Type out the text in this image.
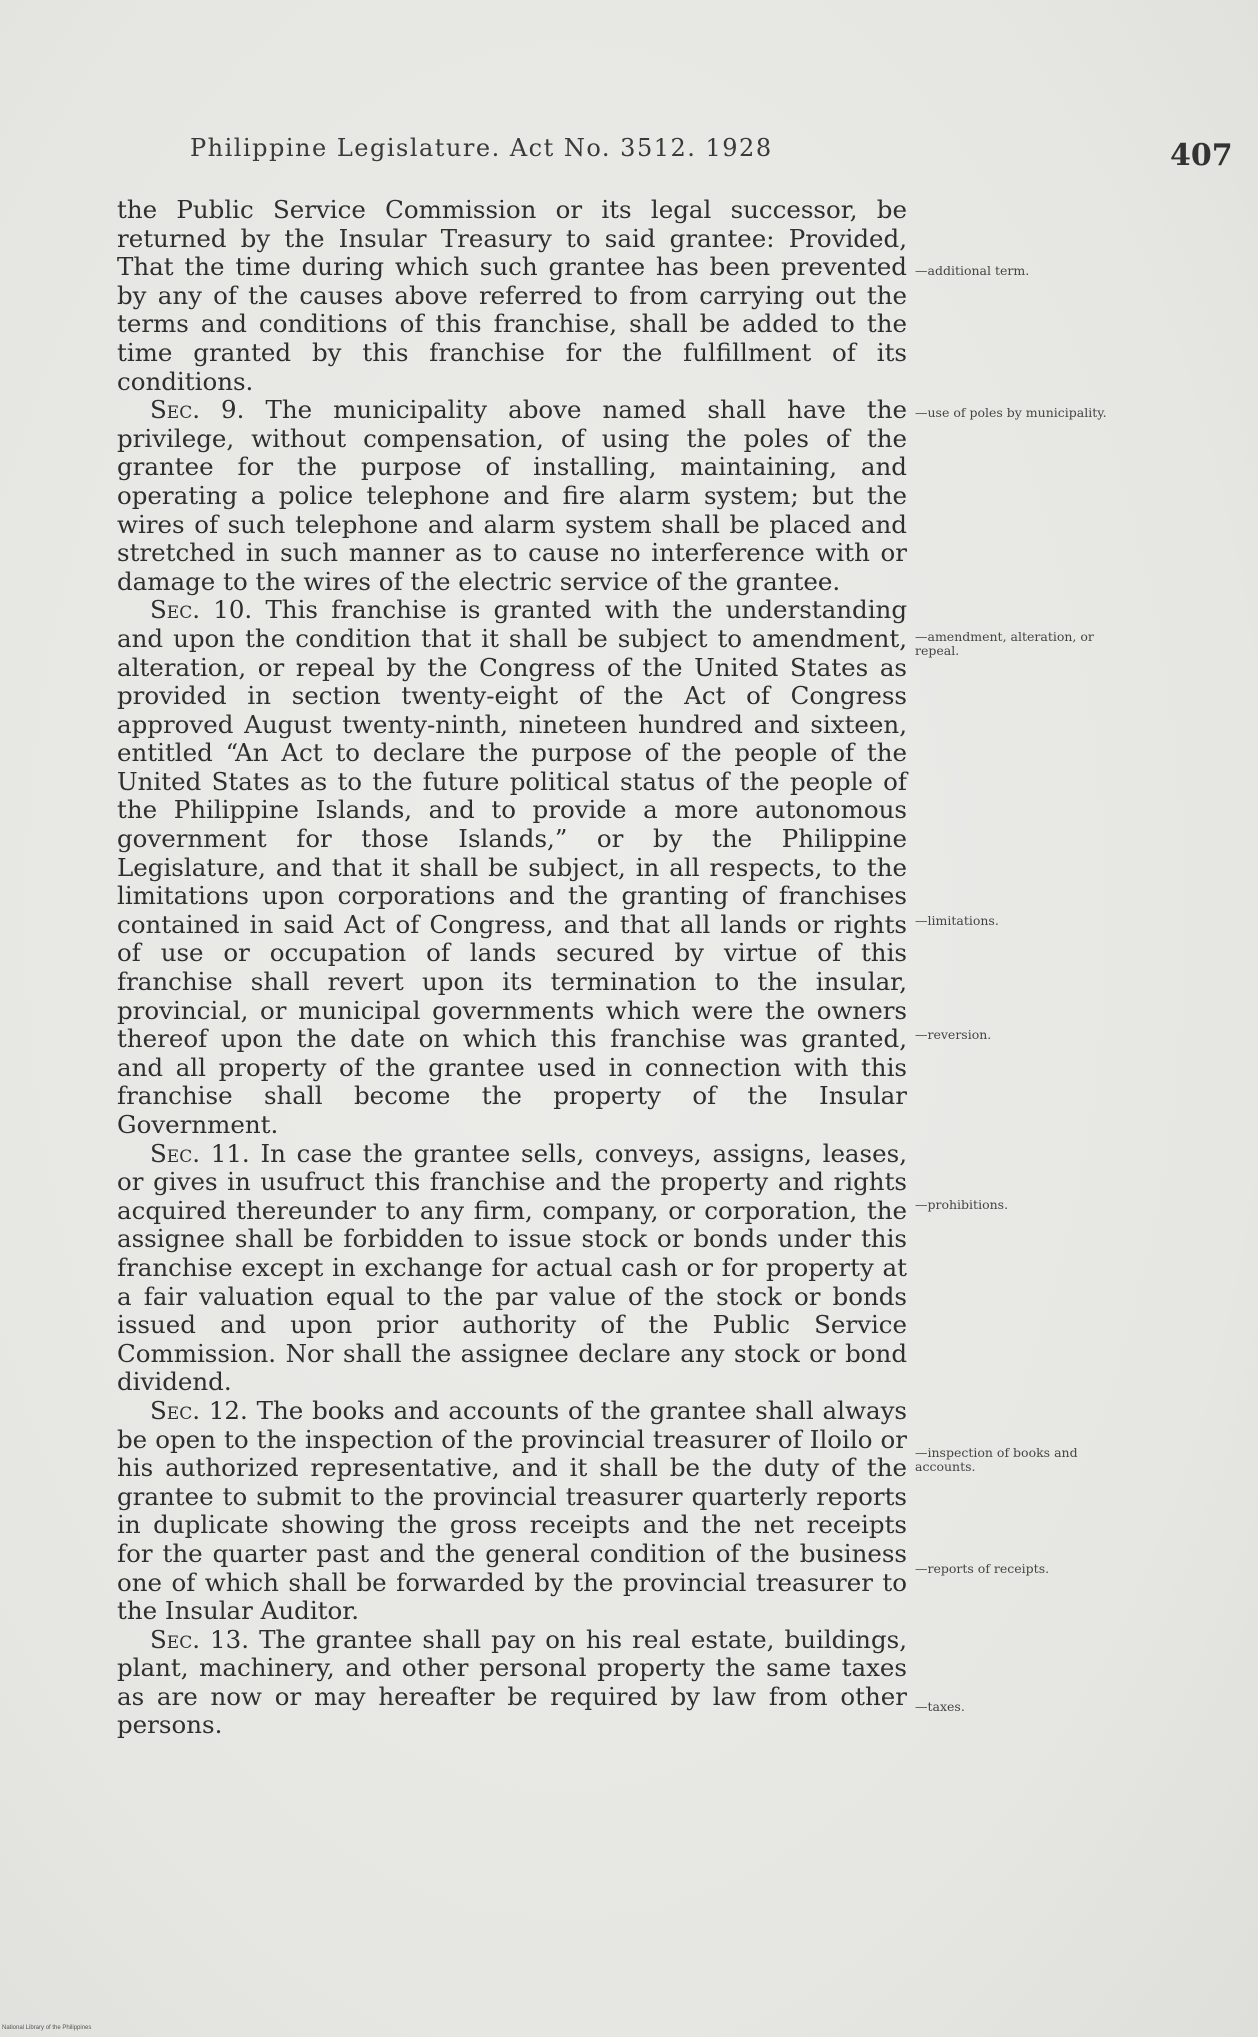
Philippine Legislature. Act No. 3512. 1928	407

the Public Service Commission or its legal successor, be returned by the Insular Treasury to said grantee: Provided, That the time during which such grantee has been prevented by any of the causes above referred to from carrying out the terms and conditions of this franchise, shall be added to the time granted by this franchise for the fulfillment of its conditions.

Sec. 9. The municipality above named shall have the privilege, without compensation, of using the poles of the grantee for the purpose of installing, maintaining, and operating a police telephone and fire alarm system; but the wires of such telephone and alarm system shall be placed and stretched in such manner as to cause no interference with or damage to the wires of the electric service of the grantee.

Sec. 10. This franchise is granted with the understanding and upon the condition that it shall be subject to amendment, alteration, or repeal by the Congress of the United States as provided in section twenty-eight of the Act of Congress approved August twenty-ninth, nineteen hundred and sixteen, entitled “An Act to declare the purpose of the people of the United States as to the future political status of the people of the Philippine Islands, and to provide a more autonomous government for those Islands,” or by the Philippine Legislature, and that it shall be subject, in all respects, to the limitations upon corporations and the granting of franchises contained in said Act of Congress, and that all lands or rights of use or occupation of lands secured by virtue of this franchise shall revert upon its termination to the insular, provincial, or municipal governments which were the owners thereof upon the date on which this franchise was granted, and all property of the grantee used in connection with this franchise shall become the property of the Insular Government.

Sec. 11. In case the grantee sells, conveys, assigns, leases, or gives in usufruct this franchise and the property and rights acquired thereunder to any firm, company, or corporation, the assignee shall be forbidden to issue stock or bonds under this franchise except in exchange for actual cash or for property at a fair valuation equal to the par value of the stock or bonds issued and upon prior authority of the Public Service Commission. Nor shall the assignee declare any stock or bond dividend.

Sec. 12. The books and accounts of the grantee shall always be open to the inspection of the provincial treasurer of Iloilo or his authorized representative, and it shall be the duty of the grantee to submit to the provincial treasurer quarterly reports in duplicate showing the gross receipts and the net receipts for the quarter past and the general condition of the business one of which shall be forwarded by the provincial treasurer to the Insular Auditor.

Sec. 13. The grantee shall pay on his real estate, buildings, plant, machinery, and other personal property the same taxes as are now or may hereafter be required by law from other persons.

—additional term.
—use of poles by municipality.
—amendment, alteration, or repeal.
—limitations.
—reversion.
—prohibitions.
—inspection of books and accounts.
—reports of receipts.
—taxes.
National Library of the Philippines
